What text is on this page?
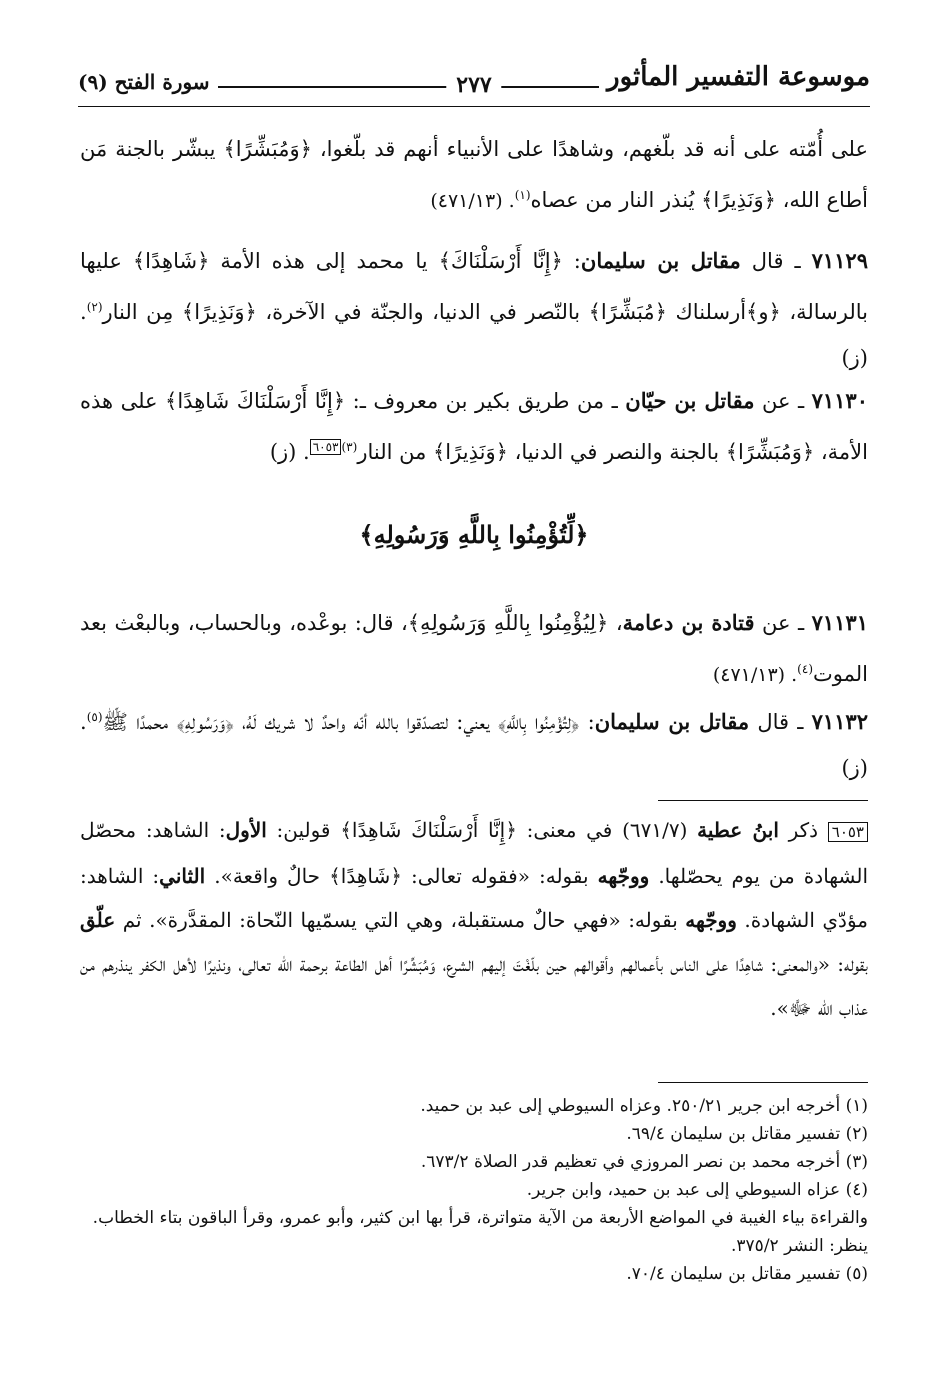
موسوعة التفسير المأثور
٢٧٧
سورة الفتح (٩)
على أُمّته على أنه قد بلّغهم، وشاهدًا على الأنبياء أنهم قد بلّغوا، ﴿وَمُبَشِّرًا﴾ يبشّر بالجنة مَن أطاع الله، ﴿وَنَذِيرًا﴾ يُنذر النار من عصاه$^{(١)}$. (٤٧١/١٣)
٧١١٢٩ ـ قال مقاتل بن سليمان: ﴿إِنَّا أَرْسَلْنَاكَ﴾ يا محمد إلى هذه الأمة ﴿شَاهِدًا﴾ عليها بالرسالة، ﴿و﴾أرسلناك ﴿مُبَشِّرًا﴾ بالنّصر في الدنيا، والجنّة في الآخرة، ﴿وَنَذِيرًا﴾ مِن النار$^{(٢)}$. (ز)
٧١١٣٠ ـ عن مقاتل بن حيّان ـ من طريق بكير بن معروف ـ: ﴿إِنَّا أَرْسَلْنَاكَ شَاهِدًا﴾ على هذه الأمة، ﴿وَمُبَشِّرًا﴾ بالجنة والنصر في الدنيا، ﴿وَنَذِيرًا﴾ من النار$^{(٣)٦٠٥٣}$. (ز)
﴿لِّتُؤْمِنُوا بِاللَّهِ وَرَسُولِهِ﴾
٧١١٣١ ـ عن قتادة بن دعامة، ﴿لِيُؤْمِنُوا بِاللَّهِ وَرَسُولِهِ﴾، قال: بوعْده، وبالحساب، وبالبعْث بعد الموت$^{(٤)}$. (٤٧١/١٣)
٧١١٣٢ ـ قال مقاتل بن سليمان: ﴿لِتُؤْمِنُوا بِاللَّهِ﴾ يعني: لتصدّقوا بالله أنّه واحدٌ لا شريك لَهُ، ﴿وَرَسُولِهِ﴾ محمدًا ﷺ$^{(٥)}$. (ز)
٦٠٥٣ ذكر ابنُ عطية (٦٧١/٧) في معنى: ﴿إِنَّا أَرْسَلْنَاكَ شَاهِدًا﴾ قولين: الأول: الشاهد: محصّل الشهادة من يوم يحصّلها. ووجّهه بقوله: «فقوله تعالى: ﴿شَاهِدًا﴾ حالٌ واقعة». الثاني: الشاهد: مؤدّي الشهادة. ووجّهه بقوله: «فهي حالٌ مستقبلة، وهي التي يسمّيها النّحاة: المقدَّرة». ثم علّق بقوله: «والمعنى: شاهِدًا على الناس بأعمالهم وأقوالهم حين بلّغْتَ إليهم الشرع، وَمُبَشِّرًا أهل الطاعة برحمة الله تعالى، ونذيرًا لأهل الكفر ينذرهم من عذاب الله ﷻ».
(١) أخرجه ابن جرير ٢٥٠/٢١. وعزاه السيوطي إلى عبد بن حميد.
(٢) تفسير مقاتل بن سليمان ٦٩/٤.
(٣) أخرجه محمد بن نصر المروزي في تعظيم قدر الصلاة ٦٧٣/٢.
(٤) عزاه السيوطي إلى عبد بن حميد، وابن جرير.
والقراءة بياء الغيبة في المواضع الأربعة من الآية متواترة، قرأ بها ابن كثير، وأبو عمرو، وقرأ الباقون بتاء الخطاب. ينظر: النشر ٣٧٥/٢.
(٥) تفسير مقاتل بن سليمان ٧٠/٤.
